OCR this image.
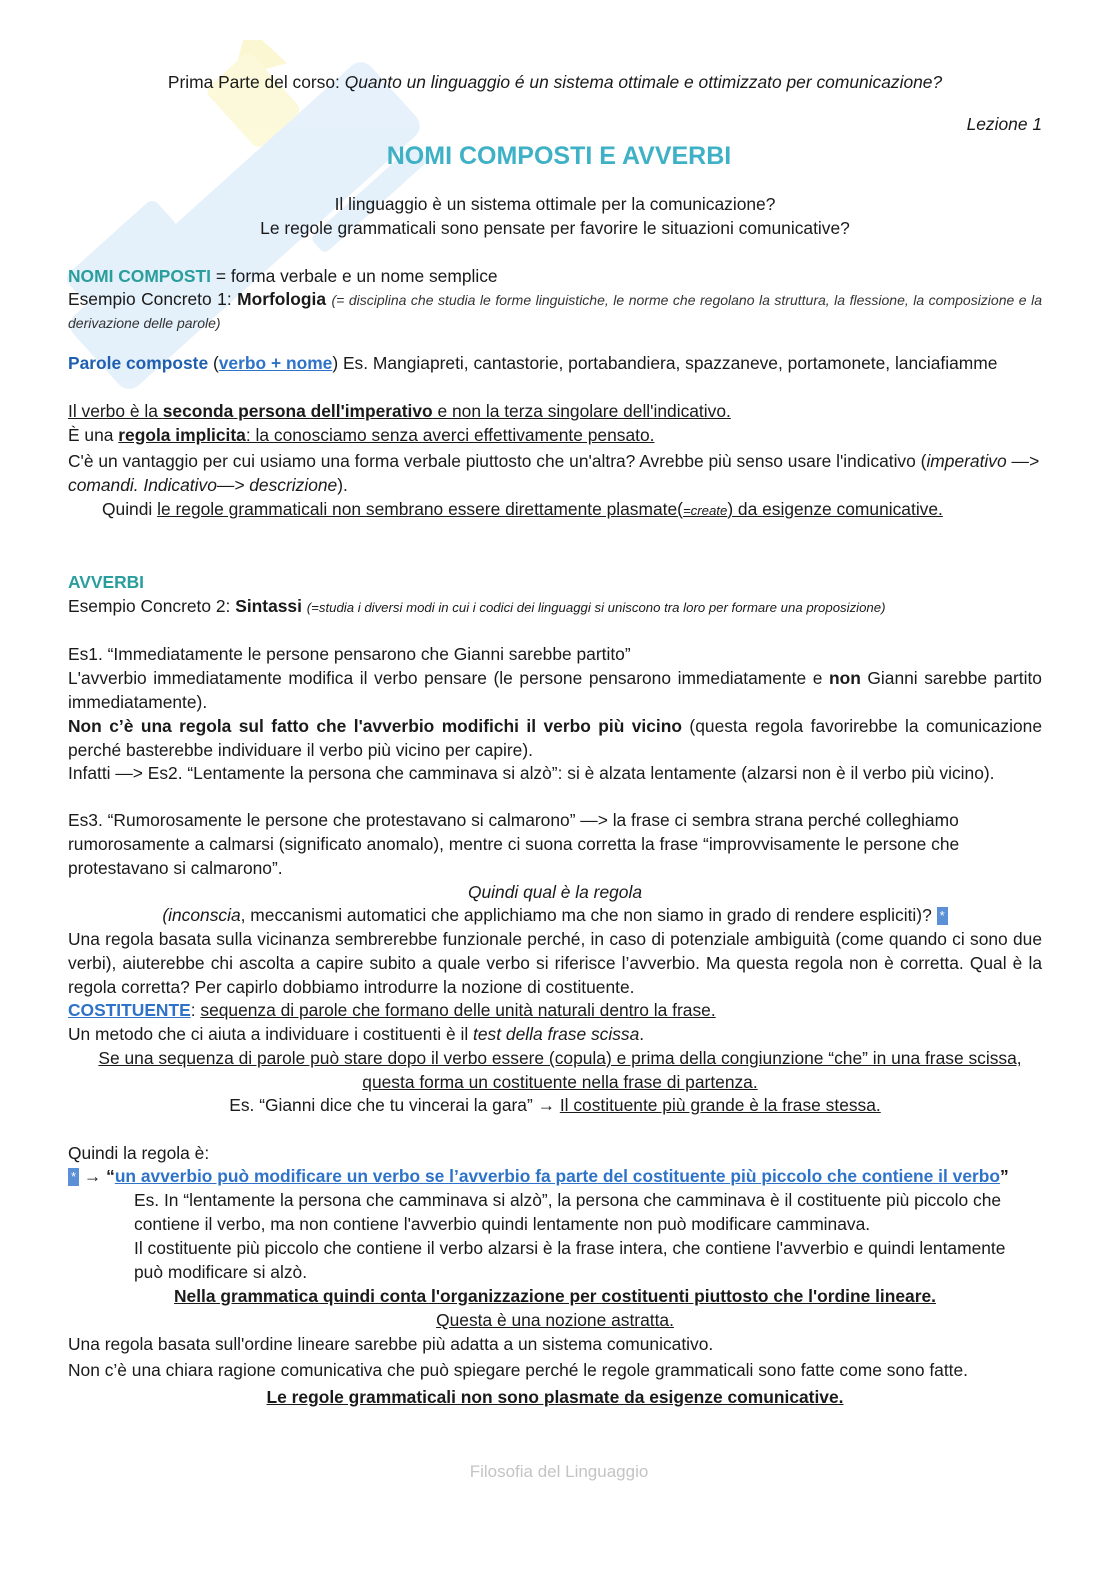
Prima Parte del corso: Quanto un linguaggio é un sistema ottimale e ottimizzato per comunicazione?
Lezione 1
NOMI COMPOSTI E AVVERBI
Il linguaggio è un sistema ottimale per la comunicazione?
Le regole grammaticali sono pensate per favorire le situazioni comunicative?
NOMI COMPOSTI = forma verbale e un nome semplice
Esempio Concreto 1: Morfologia (= disciplina che studia le forme linguistiche, le norme che regolano la struttura, la flessione, la composizione e la derivazione delle parole)
Parole composte (verbo + nome) Es. Mangiapreti, cantastorie, portabandiera, spazzaneve, portamonete, lanciafiamme
Il verbo è la seconda persona dell'imperativo e non la terza singolare dell'indicativo.
È una regola implicita: la conosciamo senza averci effettivamente pensato.
C'è un vantaggio per cui usiamo una forma verbale piuttosto che un'altra? Avrebbe più senso usare l'indicativo (imperativo —> comandi. Indicativo—> descrizione).
Quindi le regole grammaticali non sembrano essere direttamente plasmate(=create) da esigenze comunicative.
AVVERBI
Esempio Concreto 2: Sintassi (=studia i diversi modi in cui i codici dei linguaggi si uniscono tra loro per formare una proposizione)
Es1. “Immediatamente le persone pensarono che Gianni sarebbe partito”
L'avverbio immediatamente modifica il verbo pensare (le persone pensarono immediatamente e non Gianni sarebbe partito immediatamente).
Non c’è una regola sul fatto che l'avverbio modifichi il verbo più vicino (questa regola favorirebbe la comunicazione perché basterebbe individuare il verbo più vicino per capire).
Infatti —> Es2. “Lentamente la persona che camminava si alzò”: si è alzata lentamente (alzarsi non è il verbo più vicino).
Es3. “Rumorosamente le persone che protestavano si calmarono” —> la frase ci sembra strana perché colleghiamo rumorosamente a calmarsi (significato anomalo), mentre ci suona corretta la frase “improvvisamente le persone che protestavano si calmarono”.
Quindi qual è la regola
(inconscia, meccanismi automatici che applichiamo ma che non siamo in grado di rendere espliciti)? *
Una regola basata sulla vicinanza sembrerebbe funzionale perché, in caso di potenziale ambiguità (come quando ci sono due verbi), aiuterebbe chi ascolta a capire subito a quale verbo si riferisce l’avverbio. Ma questa regola non è corretta. Qual è la regola corretta? Per capirlo dobbiamo introdurre la nozione di costituente.
COSTITUENTE: sequenza di parole che formano delle unità naturali dentro la frase.
Un metodo che ci aiuta a individuare i costituenti è il test della frase scissa.
Se una sequenza di parole può stare dopo il verbo essere (copula) e prima della congiunzione “che” in una frase scissa, questa forma un costituente nella frase di partenza.
Es. “Gianni dice che tu vincerai la gara” → Il costituente più grande è la frase stessa.
Quindi la regola è:
* → “un avverbio può modificare un verbo se l’avverbio fa parte del costituente più piccolo che contiene il verbo”
Es. In “lentamente la persona che camminava si alzò”, la persona che camminava è il costituente più piccolo che contiene il verbo, ma non contiene l'avverbio quindi lentamente non può modificare camminava.
Il costituente più piccolo che contiene il verbo alzarsi è la frase intera, che contiene l'avverbio e quindi lentamente può modificare si alzò.
Nella grammatica quindi conta l'organizzazione per costituenti piuttosto che l'ordine lineare.
Questa è una nozione astratta.
Una regola basata sull'ordine lineare sarebbe più adatta a un sistema comunicativo.
Non c’è una chiara ragione comunicativa che può spiegare perché le regole grammaticali sono fatte come sono fatte.
Le regole grammaticali non sono plasmate da esigenze comunicative.
Filosofia del Linguaggio
